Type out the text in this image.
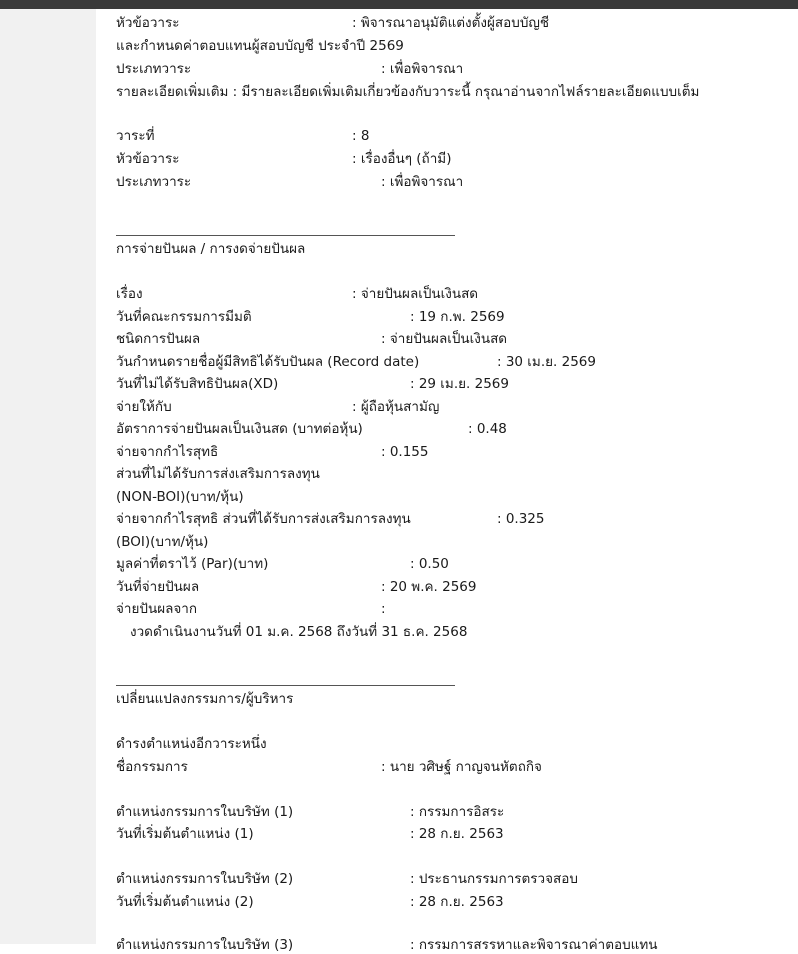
หัวข้อวาระ	: พิจารณาอนุมัติแต่งตั้งผู้สอบบัญชี
และกำหนดค่าตอบแทนผู้สอบบัญชี ประจำปี 2569
ประเภทวาระ	: เพื่อพิจารณา
รายละเอียดเพิ่มเติม : มีรายละเอียดเพิ่มเติมเกี่ยวข้องกับวาระนี้ กรุณาอ่านจากไฟล์รายละเอียดแบบเต็ม
วาระที่	: 8
หัวข้อวาระ	: เรื่องอื่นๆ (ถ้ามี)
ประเภทวาระ	: เพื่อพิจารณา
การจ่ายปันผล / การงดจ่ายปันผล
เรื่อง	: จ่ายปันผลเป็นเงินสด
วันที่คณะกรรมการมีมติ	: 19 ก.พ. 2569
ชนิดการปันผล	: จ่ายปันผลเป็นเงินสด
วันกำหนดรายชื่อผู้มีสิทธิได้รับปันผล (Record date)	: 30 เม.ย. 2569
วันที่ไม่ได้รับสิทธิปันผล(XD)	: 29 เม.ย. 2569
จ่ายให้กับ	: ผู้ถือหุ้นสามัญ
อัตราการจ่ายปันผลเป็นเงินสด (บาทต่อหุ้น)	: 0.48
จ่ายจากกำไรสุทธิ	: 0.155
ส่วนที่ไม่ได้รับการส่งเสริมการลงทุน
(NON-BOI)(บาท/หุ้น)
จ่ายจากกำไรสุทธิ ส่วนที่ได้รับการส่งเสริมการลงทุน	: 0.325
(BOI)(บาท/หุ้น)
มูลค่าที่ตราไว้ (Par)(บาท)	: 0.50
วันที่จ่ายปันผล	: 20 พ.ค. 2569
จ่ายปันผลจาก	:
งวดดำเนินงานวันที่ 01 ม.ค. 2568 ถึงวันที่ 31 ธ.ค. 2568
เปลี่ยนแปลงกรรมการ/ผู้บริหาร
ดำรงตำแหน่งอีกวาระหนึ่ง
ชื่อกรรมการ	: นาย วศิษฐ์ กาญจนหัตถกิจ
ตำแหน่งกรรมการในบริษัท (1)	: กรรมการอิสระ
วันที่เริ่มต้นตำแหน่ง (1)	: 28 ก.ย. 2563
ตำแหน่งกรรมการในบริษัท (2)	: ประธานกรรมการตรวจสอบ
วันที่เริ่มต้นตำแหน่ง (2)	: 28 ก.ย. 2563
ตำแหน่งกรรมการในบริษัท (3)	: กรรมการสรรหาและพิจารณาค่าตอบแทน
